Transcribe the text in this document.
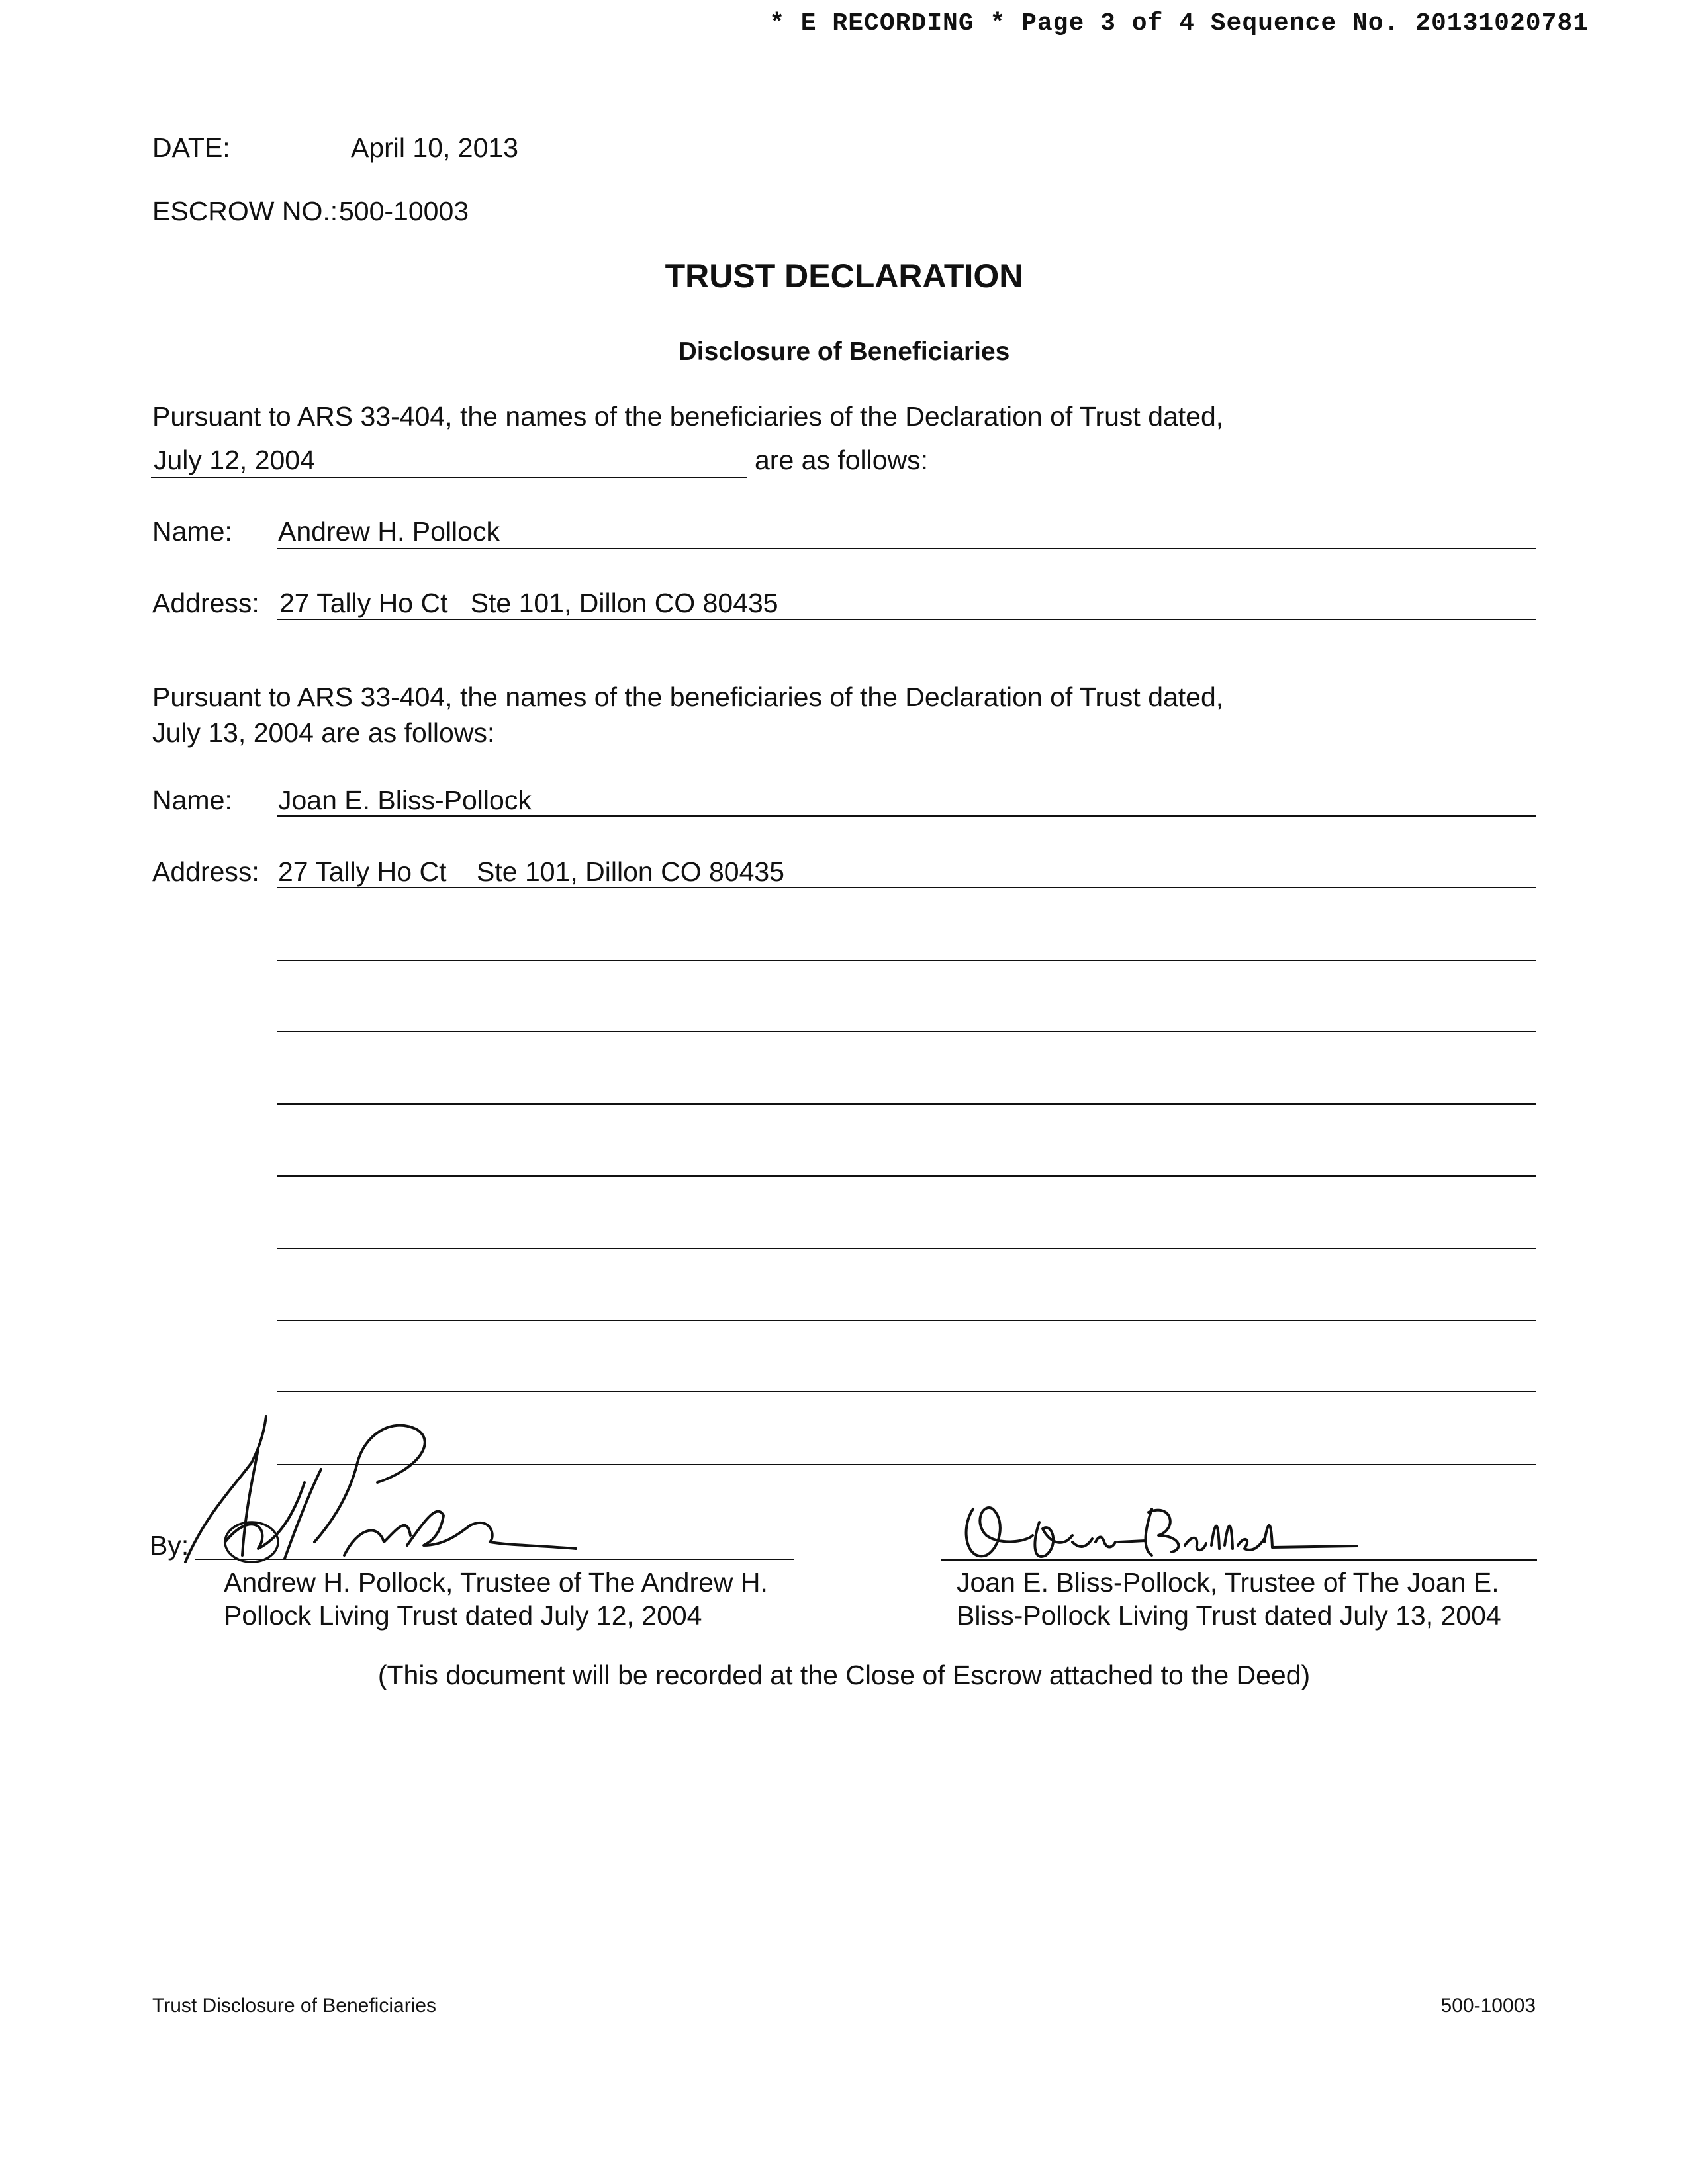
* E RECORDING * Page 3 of 4 Sequence No. 20131020781
DATE:	April 10, 2013
ESCROW NO.: 500-10003
TRUST DECLARATION
Disclosure of Beneficiaries
Pursuant to ARS 33-404, the names of the beneficiaries of the Declaration of Trust dated,
July 12, 2004	are as follows:
Name: Andrew H. Pollock
Address: 27 Tally Ho Ct   Ste 101, Dillon CO 80435
Pursuant to ARS 33-404, the names of the beneficiaries of the Declaration of Trust dated,
July 13, 2004 are as follows:
Name: Joan E. Bliss-Pollock
Address: 27 Tally Ho Ct    Ste 101, Dillon CO 80435
By:
Andrew H. Pollock, Trustee of The Andrew H.
Pollock Living Trust dated July 12, 2004
Joan E. Bliss-Pollock, Trustee of The Joan E.
Bliss-Pollock Living Trust dated July 13, 2004
(This document will be recorded at the Close of Escrow attached to the Deed)
Trust Disclosure of Beneficiaries	500-10003
